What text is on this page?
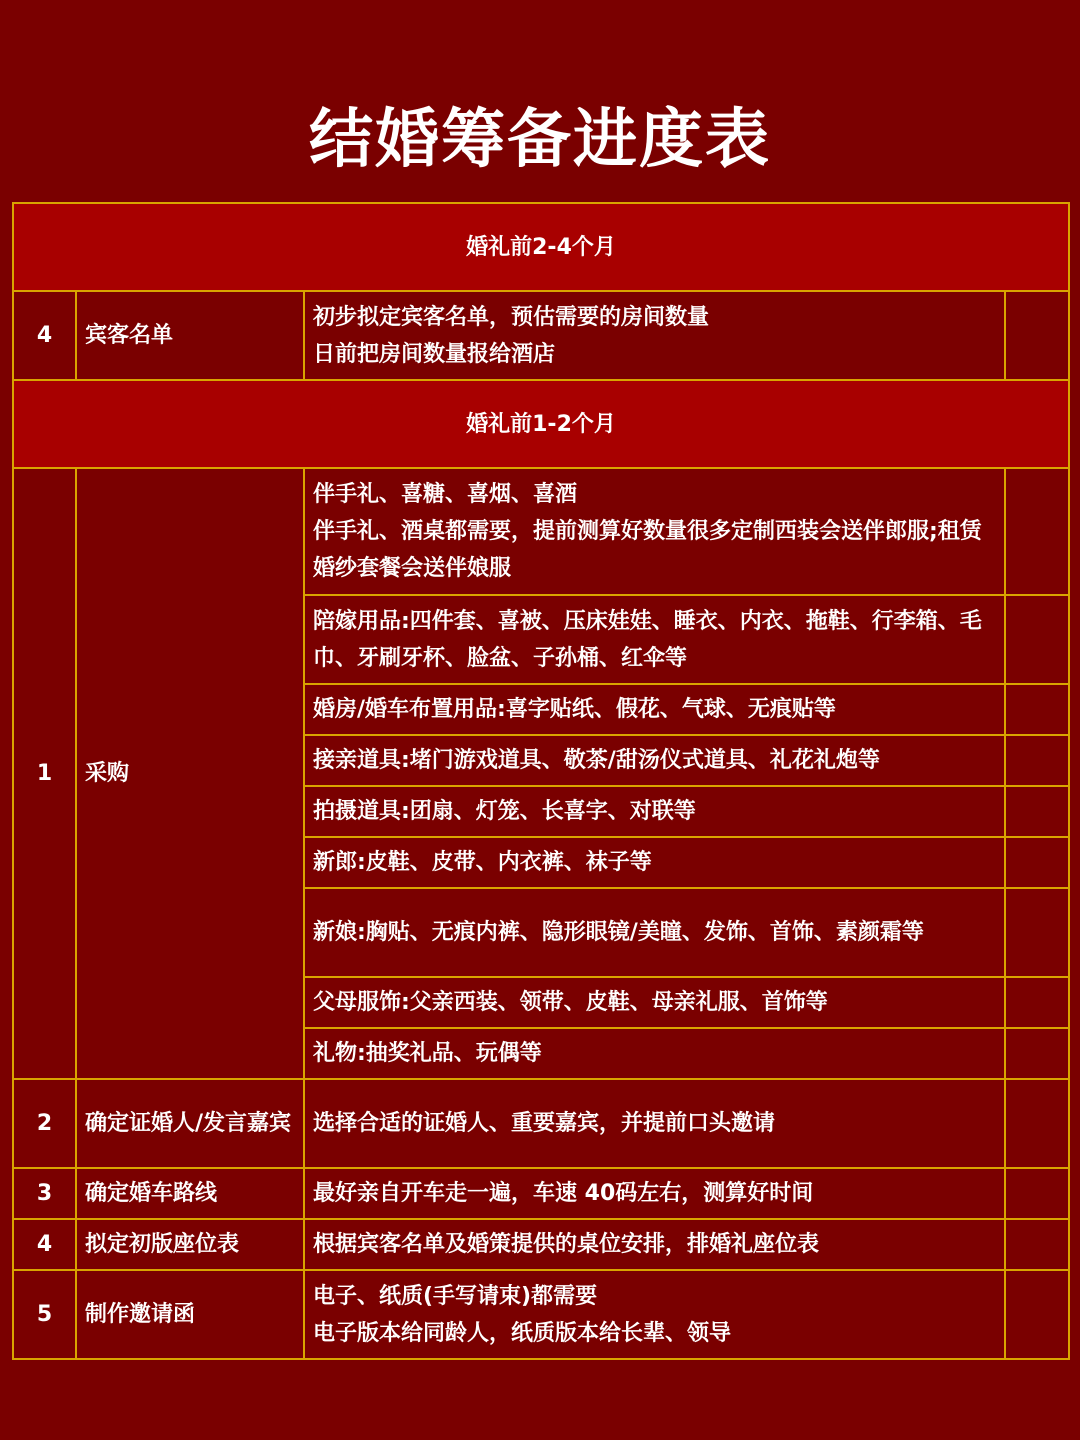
结婚筹备进度表
婚礼前2-4个月			
4	宾客名单	初步拟定宾客名单，预估需要的房间数量
日前把房间数量报给酒店	

婚礼前1-2个月			
1	采购	伴手礼、喜糖、喜烟、喜酒
伴手礼、酒桌都需要，提前测算好数量很多定制西装会送伴郎服;租赁婚纱套餐会送伴娘服	

		陪嫁用品:四件套、喜被、压床娃娃、睡衣、内衣、拖鞋、行李箱、毛巾、牙刷牙杯、脸盆、子孙桶、红伞等	
		婚房/婚车布置用品:喜字贴纸、假花、气球、无痕贴等	
		接亲道具:堵门游戏道具、敬茶/甜汤仪式道具、礼花礼炮等	
		拍摄道具:团扇、灯笼、长喜字、对联等	
		新郎:皮鞋、皮带、内衣裤、袜子等	
		新娘:胸贴、无痕内裤、隐形眼镜/美瞳、发饰、首饰、素颜霜等	
		父母服饰:父亲西装、领带、皮鞋、母亲礼服、首饰等	
		礼物:抽奖礼品、玩偶等	
2	确定证婚人/发言嘉宾	选择合适的证婚人、重要嘉宾，并提前口头邀请	
3	确定婚车路线	最好亲自开车走一遍，车速 40码左右，测算好时间	
4	拟定初版座位表	根据宾客名单及婚策提供的桌位安排，排婚礼座位表	
5	制作邀请函	电子、纸质(手写请束)都需要
电子版本给同龄人，纸质版本给长辈、领导	
